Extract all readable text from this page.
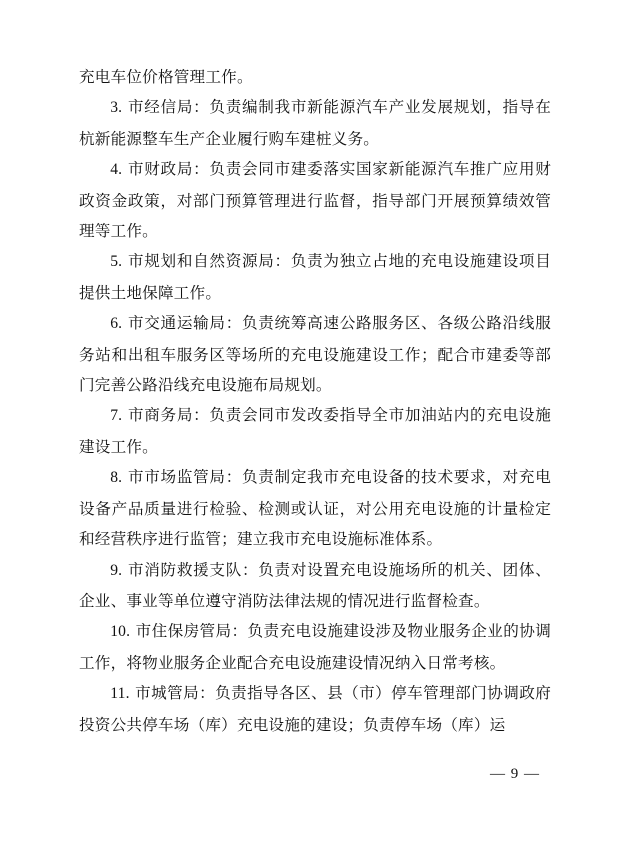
充电车位价格管理工作。

3. 市经信局：负责编制我市新能源汽车产业发展规划，指导在杭新能源整车生产企业履行购车建桩义务。

4. 市财政局：负责会同市建委落实国家新能源汽车推广应用财政资金政策，对部门预算管理进行监督，指导部门开展预算绩效管理等工作。

5. 市规划和自然资源局：负责为独立占地的充电设施建设项目提供土地保障工作。

6. 市交通运输局：负责统筹高速公路服务区、各级公路沿线服务站和出租车服务区等场所的充电设施建设工作；配合市建委等部门完善公路沿线充电设施布局规划。

7. 市商务局：负责会同市发改委指导全市加油站内的充电设施建设工作。

8. 市市场监管局：负责制定我市充电设备的技术要求，对充电设备产品质量进行检验、检测或认证，对公用充电设施的计量检定和经营秩序进行监管；建立我市充电设施标准体系。

9. 市消防救援支队：负责对设置充电设施场所的机关、团体、企业、事业等单位遵守消防法律法规的情况进行监督检查。

10. 市住保房管局：负责充电设施建设涉及物业服务企业的协调工作，将物业服务企业配合充电设施建设情况纳入日常考核。

11. 市城管局：负责指导各区、县（市）停车管理部门协调政府投资公共停车场（库）充电设施的建设；负责停车场（库）运

— 9 —
